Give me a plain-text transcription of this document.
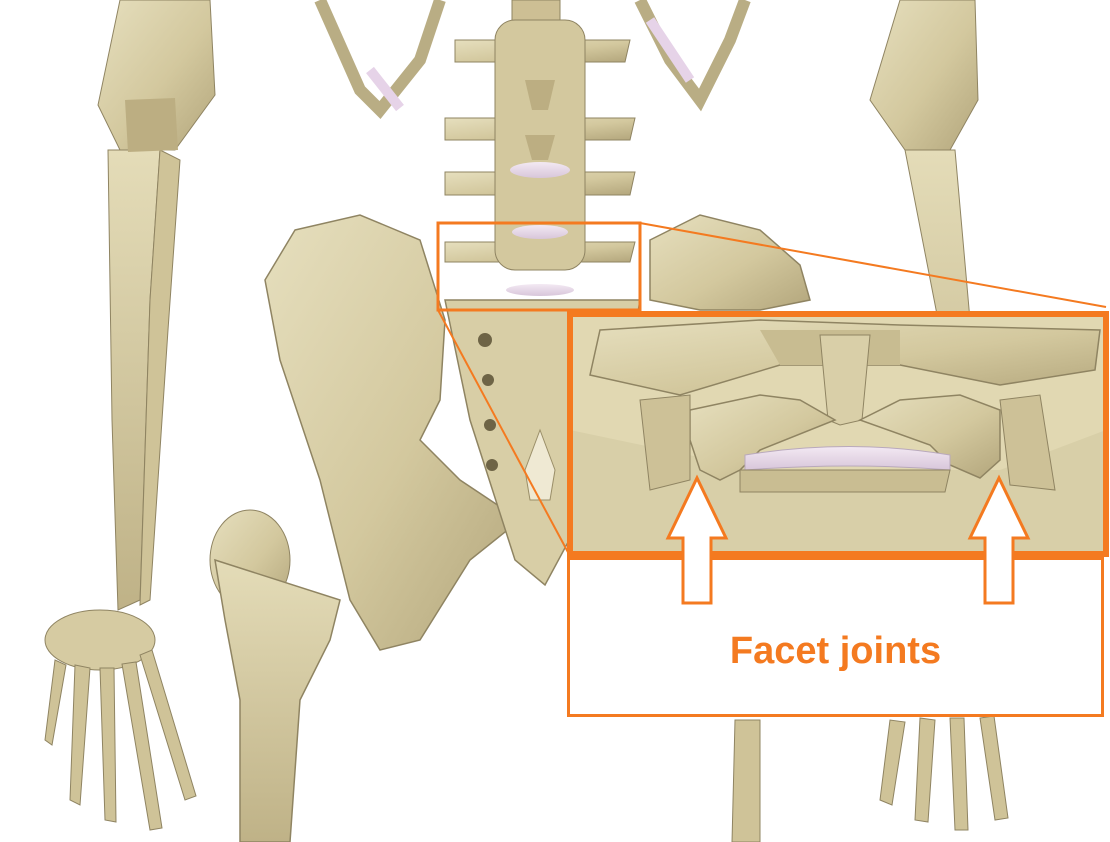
Facet joints
